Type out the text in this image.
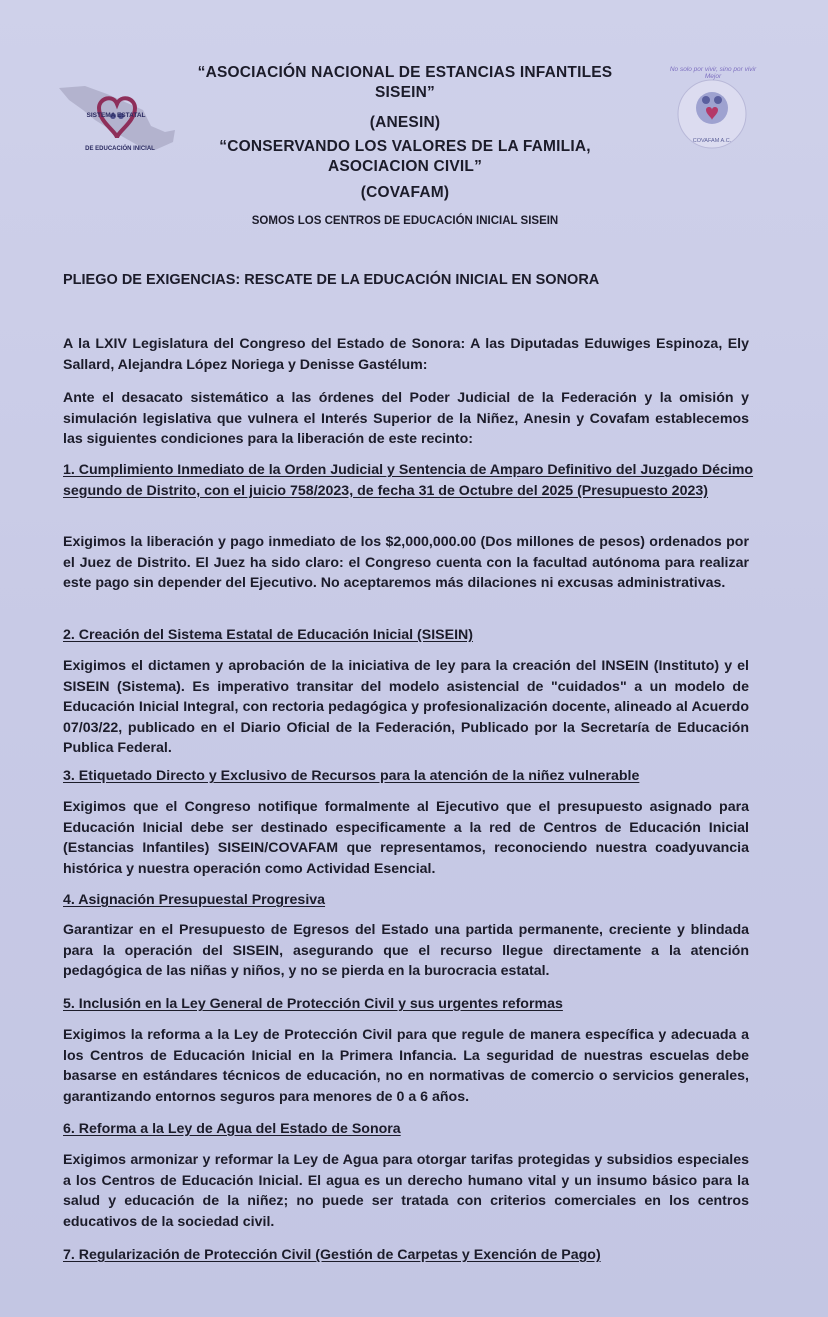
SISTEMA ESTATAL
DE EDUCACIÓN INICIAL
No solo por vivir, sino por vivir Mejor
COVAFAM A.C.
“ASOCIACIÓN NACIONAL DE ESTANCIAS INFANTILES
SISEIN”
(ANESIN)
“CONSERVANDO LOS VALORES DE LA FAMILIA,
ASOCIACION CIVIL”
(COVAFAM)
SOMOS LOS CENTROS DE EDUCACIÓN INICIAL SISEIN
PLIEGO DE EXIGENCIAS: RESCATE DE LA EDUCACIÓN INICIAL EN SONORA
A la LXIV Legislatura del Congreso del Estado de Sonora: A las Diputadas Eduwiges Espinoza, Ely Sallard, Alejandra López Noriega y Denisse Gastélum:
Ante el desacato sistemático a las órdenes del Poder Judicial de la Federación y la omisión y simulación legislativa que vulnera el Interés Superior de la Niñez, Anesin y Covafam establecemos las siguientes condiciones para la liberación de este recinto:
1. Cumplimiento Inmediato de la Orden Judicial y Sentencia de Amparo Definitivo del Juzgado Décimo segundo de Distrito, con el juicio 758/2023, de fecha 31 de Octubre del 2025 (Presupuesto 2023)
Exigimos la liberación y pago inmediato de los $2,000,000.00 (Dos millones de pesos) ordenados por el Juez de Distrito. El Juez ha sido claro: el Congreso cuenta con la facultad autónoma para realizar este pago sin depender del Ejecutivo. No aceptaremos más dilaciones ni excusas administrativas.
2. Creación del Sistema Estatal de Educación Inicial (SISEIN)
Exigimos el dictamen y aprobación de la iniciativa de ley para la creación del INSEIN (Instituto) y el SISEIN (Sistema). Es imperativo transitar del modelo asistencial de "cuidados" a un modelo de Educación Inicial Integral, con rectoria pedagógica y profesionalización docente, alineado al Acuerdo 07/03/22, publicado en el Diario Oficial de la Federación, Publicado por la Secretaría de Educación Publica Federal.
3. Etiquetado Directo y Exclusivo de Recursos para la atención de la niñez vulnerable
Exigimos que el Congreso notifique formalmente al Ejecutivo que el presupuesto asignado para Educación Inicial debe ser destinado especificamente a la red de Centros de Educación Inicial (Estancias Infantiles) SISEIN/COVAFAM que representamos, reconociendo nuestra coadyuvancia histórica y nuestra operación como Actividad Esencial.
4. Asignación Presupuestal Progresiva
Garantizar en el Presupuesto de Egresos del Estado una partida permanente, creciente y blindada para la operación del SISEIN, asegurando que el recurso llegue directamente a la atención pedagógica de las niñas y niños, y no se pierda en la burocracia estatal.
5. Inclusión en la Ley General de Protección Civil y sus urgentes reformas
Exigimos la reforma a la Ley de Protección Civil para que regule de manera específica y adecuada a los Centros de Educación Inicial en la Primera Infancia. La seguridad de nuestras escuelas debe basarse en estándares técnicos de educación, no en normativas de comercio o servicios generales, garantizando entornos seguros para menores de 0 a 6 años.
6. Reforma a la Ley de Agua del Estado de Sonora
Exigimos armonizar y reformar la Ley de Agua para otorgar tarifas protegidas y subsidios especiales a los Centros de Educación Inicial. El agua es un derecho humano vital y un insumo básico para la salud y educación de la niñez; no puede ser tratada con criterios comerciales en los centros educativos de la sociedad civil.
7. Regularización de Protección Civil (Gestión de Carpetas y Exención de Pago)
